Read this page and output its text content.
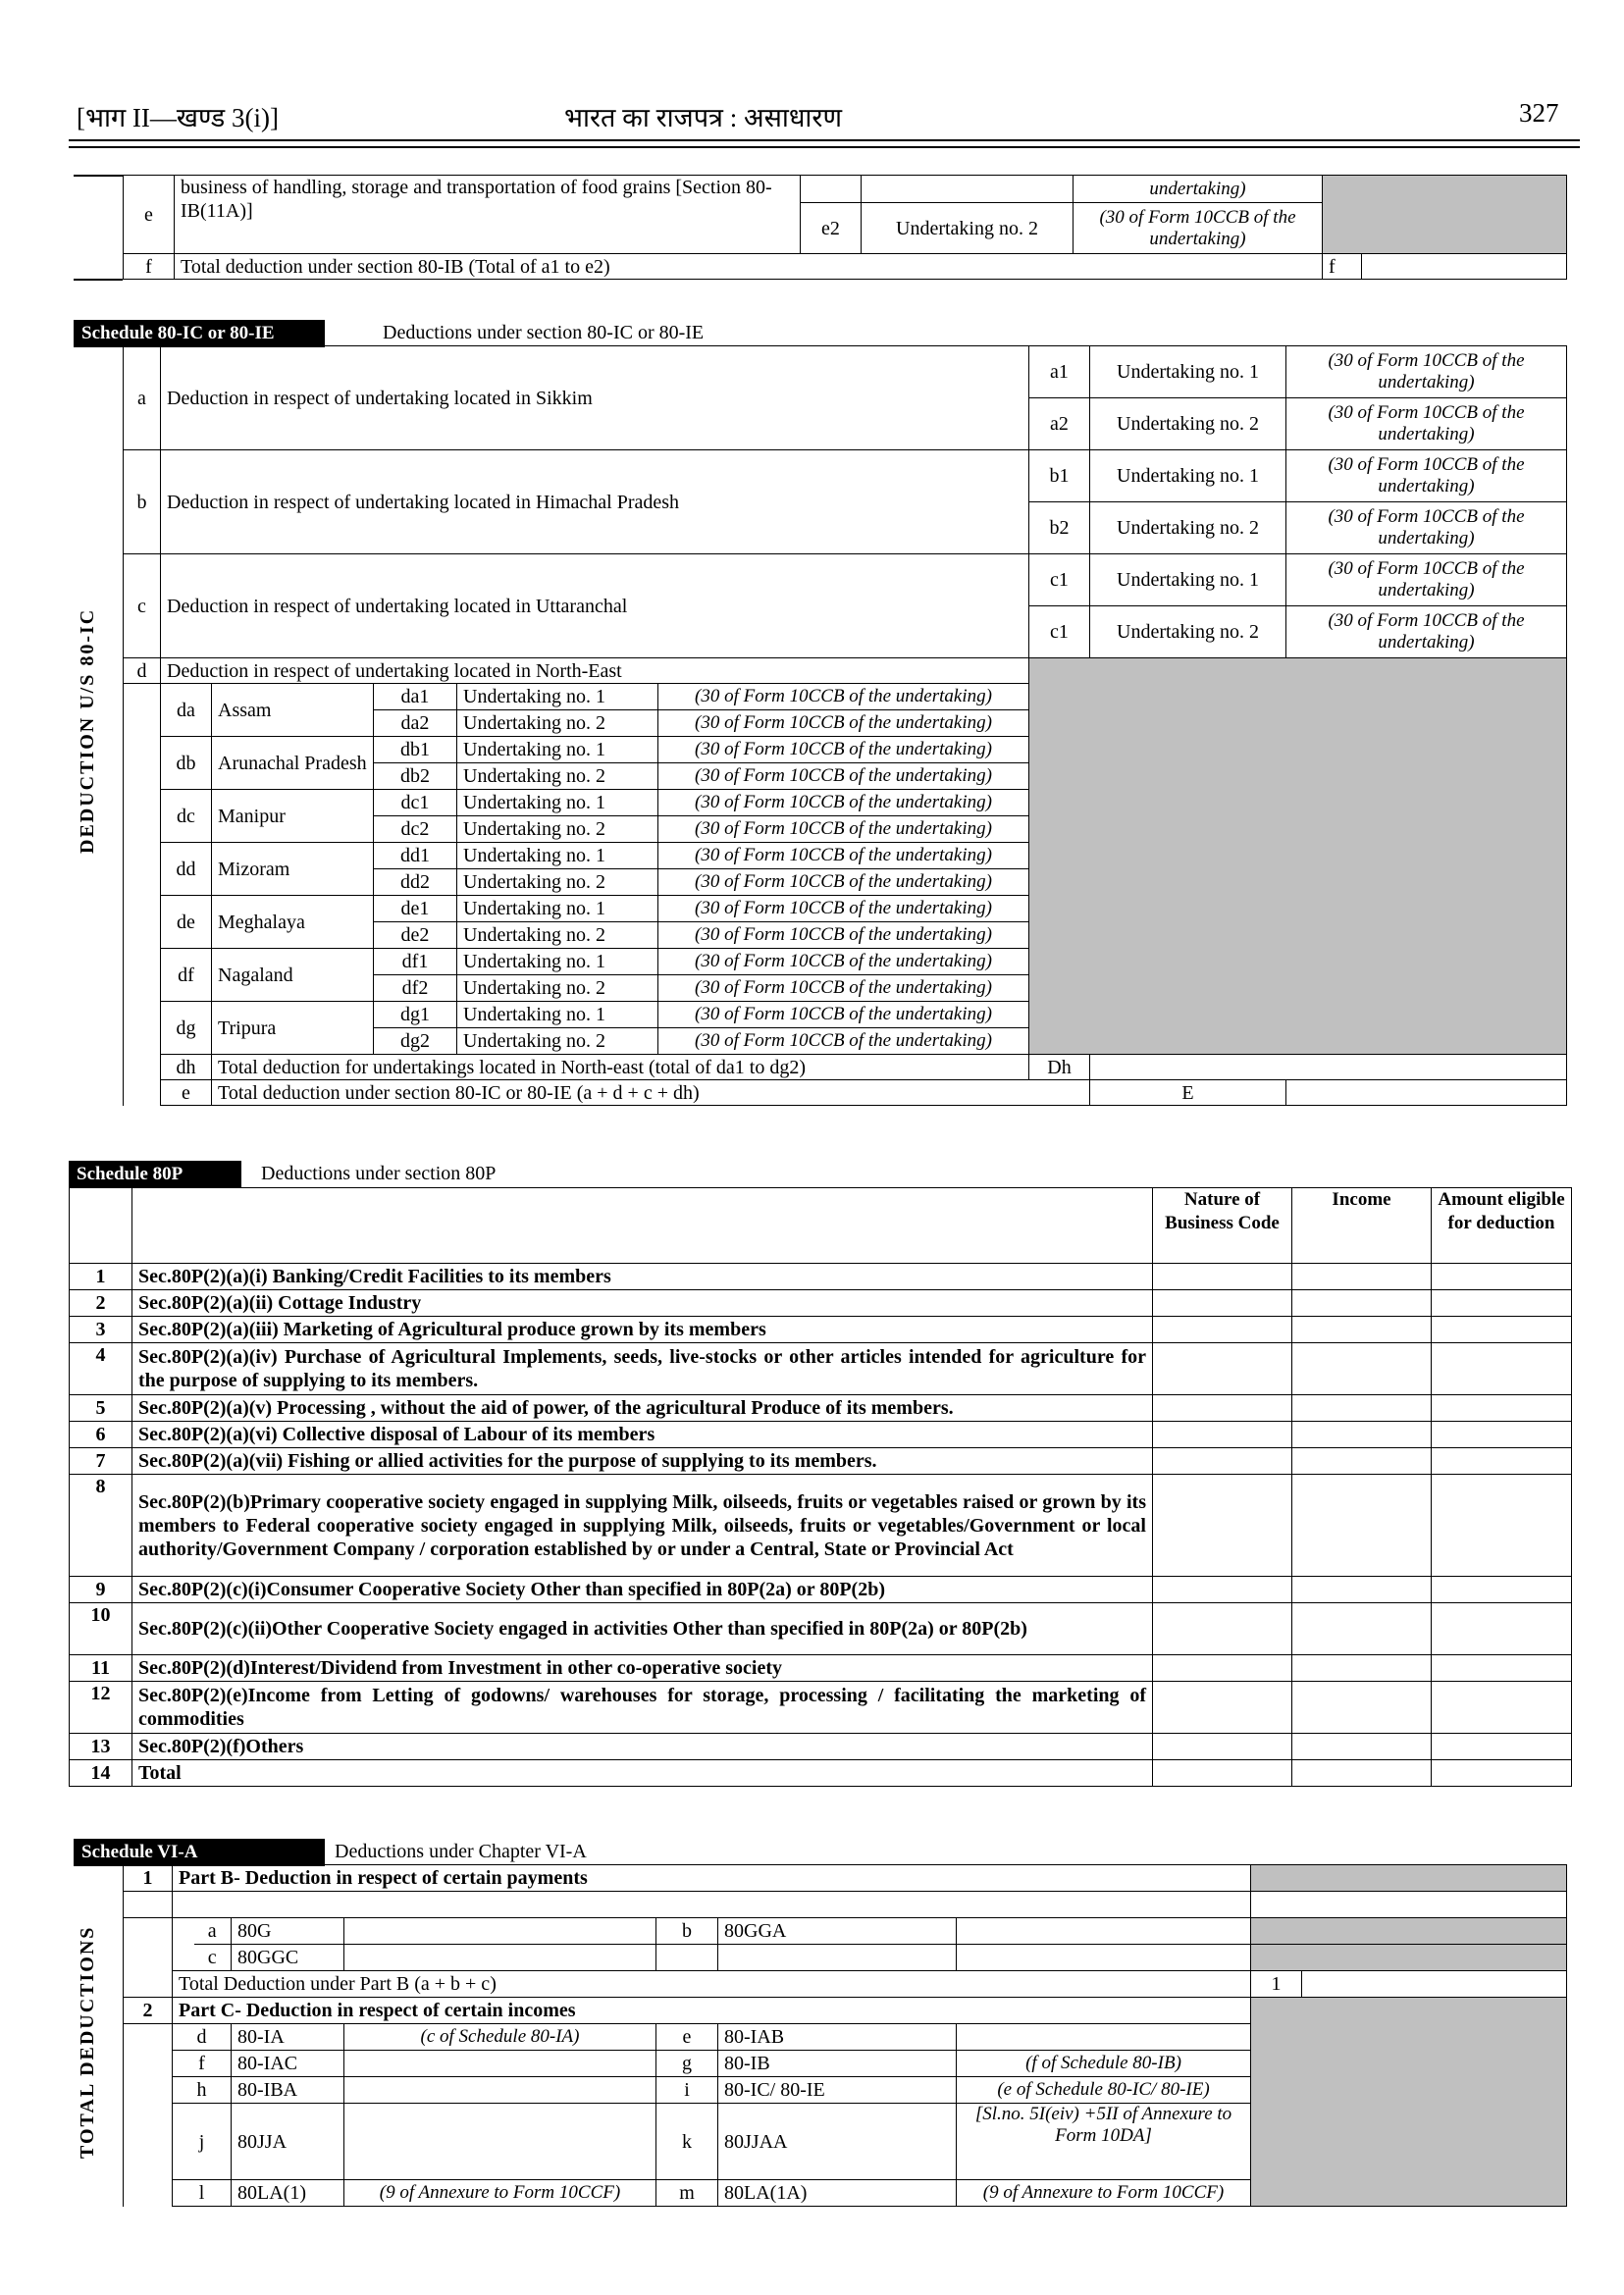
[भाग II—खण्ड 3(i)]	भारत का राजपत्र : असाधारण	327
e	business of handling, storage and transportation of food grains [Section 80-IB(11A)]			undertaking)		
		e2	Undertaking no. 2	(30 of Form 10CCB of the undertaking)		
f	Total deduction under section 80-IB (Total of a1 to e2)				f	
Schedule 80-IC or 80-IE	Deductions under section 80-IC or 80-IE
DEDUCTION U/S 80-IC
a	Deduction in respect of undertaking located in Sikkim					a1	Undertaking no. 1	(30 of Form 10CCB of the undertaking)
						a2	Undertaking no. 2	(30 of Form 10CCB of the undertaking)
b	Deduction in respect of undertaking located in Himachal Pradesh					b1	Undertaking no. 1	(30 of Form 10CCB of the undertaking)
						b2	Undertaking no. 2	(30 of Form 10CCB of the undertaking)
c	Deduction in respect of undertaking located in Uttaranchal					c1	Undertaking no. 1	(30 of Form 10CCB of the undertaking)
						c1	Undertaking no. 2	(30 of Form 10CCB of the undertaking)
d	Deduction in respect of undertaking located in North-East							
	da	Assam	da1	Undertaking no. 1	(30 of Form 10CCB of the undertaking)			
			da2	Undertaking no. 2	(30 of Form 10CCB of the undertaking)			
	db	Arunachal Pradesh	db1	Undertaking no. 1	(30 of Form 10CCB of the undertaking)			
			db2	Undertaking no. 2	(30 of Form 10CCB of the undertaking)			
	dc	Manipur	dc1	Undertaking no. 1	(30 of Form 10CCB of the undertaking)			
			dc2	Undertaking no. 2	(30 of Form 10CCB of the undertaking)			
	dd	Mizoram	dd1	Undertaking no. 1	(30 of Form 10CCB of the undertaking)			
			dd2	Undertaking no. 2	(30 of Form 10CCB of the undertaking)			
	de	Meghalaya	de1	Undertaking no. 1	(30 of Form 10CCB of the undertaking)			
			de2	Undertaking no. 2	(30 of Form 10CCB of the undertaking)			
	df	Nagaland	df1	Undertaking no. 1	(30 of Form 10CCB of the undertaking)			
			df2	Undertaking no. 2	(30 of Form 10CCB of the undertaking)			
	dg	Tripura	dg1	Undertaking no. 1	(30 of Form 10CCB of the undertaking)			
			dg2	Undertaking no. 2	(30 of Form 10CCB of the undertaking)			
	dh	Total deduction for undertakings located in North-east (total of da1 to dg2)				Dh		
	e	Total deduction under section 80-IC or 80-IE (a + d + c + dh)					E	
Schedule 80P	Deductions under section 80P
		Nature of Business Code	Income	Amount eligible for deduction
1	Sec.80P(2)(a)(i) Banking/Credit Facilities to its members			
2	Sec.80P(2)(a)(ii) Cottage Industry			
3	Sec.80P(2)(a)(iii) Marketing of Agricultural produce grown by its members			
4	Sec.80P(2)(a)(iv) Purchase of Agricultural Implements, seeds, live-stocks or other articles intended for agriculture for the purpose of supplying to its members.			
5	Sec.80P(2)(a)(v) Processing , without the aid of power, of the agricultural Produce of its members.			
6	Sec.80P(2)(a)(vi) Collective disposal of Labour of its members			
7	Sec.80P(2)(a)(vii) Fishing or allied activities for the purpose of supplying to its members.			
8	Sec.80P(2)(b)Primary cooperative society engaged in supplying Milk, oilseeds, fruits or vegetables raised or grown by its members to Federal cooperative society engaged in supplying Milk, oilseeds, fruits or vegetables/Government or local authority/Government Company / corporation established by or under a Central, State or Provincial Act			
9	Sec.80P(2)(c)(i)Consumer Cooperative Society Other than specified in 80P(2a) or 80P(2b)			
10	Sec.80P(2)(c)(ii)Other Cooperative Society engaged in activities Other than specified in 80P(2a) or 80P(2b)			
11	Sec.80P(2)(d)Interest/Dividend from Investment in other co-operative society			
12	Sec.80P(2)(e)Income from Letting of godowns/ warehouses for storage, processing / facilitating the marketing of commodities			
13	Sec.80P(2)(f)Others			
14	Total			
Schedule VI-A	Deductions under Chapter VI-A
TOTAL DEDUCTIONS
1	Part B- Deduction in respect of certain payments								

		a	80G		b	80GGA			
		c	80GGC						
	Total Deduction under Part B (a + b + c)							1	
2	Part C- Deduction in respect of certain incomes								
	d		80-IA	(c of Schedule 80-IA)	e	80-IAB			
	f		80-IAC		g	80-IB	(f of Schedule 80-IB)		
	h		80-IBA		i	80-IC/ 80-IE	(e of Schedule 80-IC/ 80-IE)		
	j		80JJA		k	80JJAA	[Sl.no. 5I(eiv) +5II of Annexure to Form 10DA]		
	l		80LA(1)	(9 of Annexure to Form 10CCF)	m	80LA(1A)	(9 of Annexure to Form 10CCF)		
